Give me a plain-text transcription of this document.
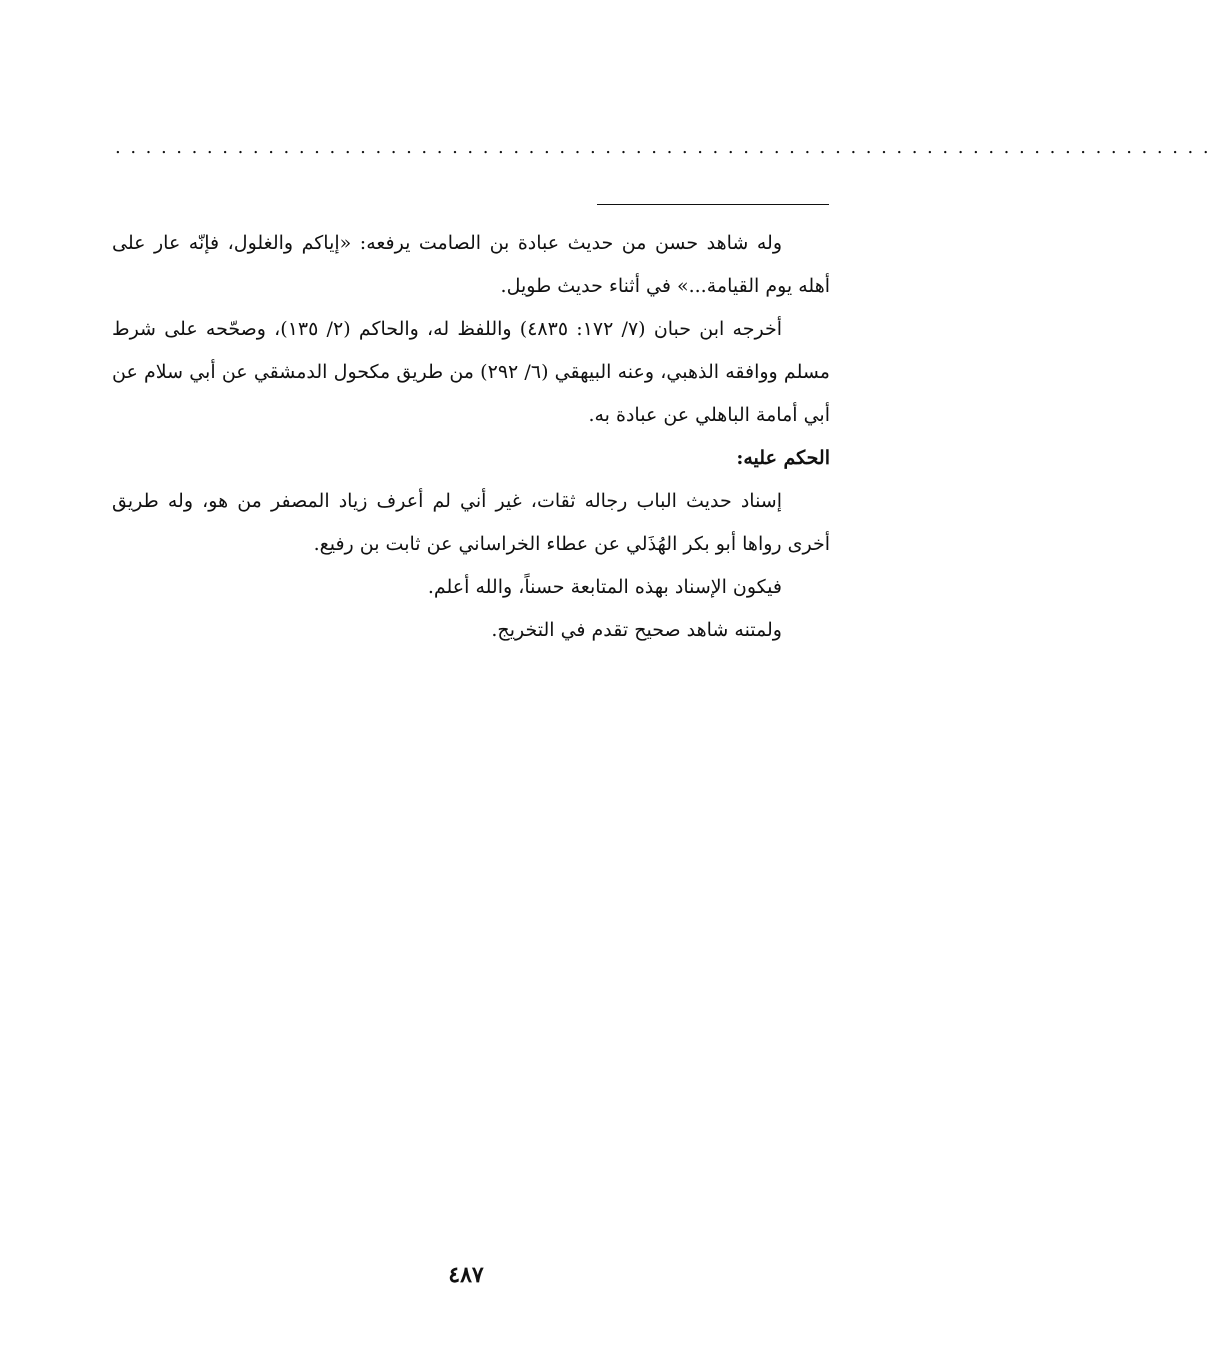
........................................................................

وله شاهد حسن من حديث عبادة بن الصامت يرفعه: «إياكم والغلول، فإنّه عار على أهله يوم القيامة...» في أثناء حديث طويل.

أخرجه ابن حبان (٧/ ١٧٢: ٤٨٣٥) واللفظ له، والحاكم (٢/ ١٣٥)، وصحّحه على شرط مسلم ووافقه الذهبي، وعنه البيهقي (٦/ ٢٩٢) من طريق مكحول الدمشقي عن أبي سلام عن أبي أمامة الباهلي عن عبادة به.

الحكم عليه:

إسناد حديث الباب رجاله ثقات، غير أني لم أعرف زياد المصفر من هو، وله طريق أخرى رواها أبو بكر الهُذَلي عن عطاء الخراساني عن ثابت بن رفيع.

فيكون الإسناد بهذه المتابعة حسناً، والله أعلم.

ولمتنه شاهد صحيح تقدم في التخريج.

٤٨٧
